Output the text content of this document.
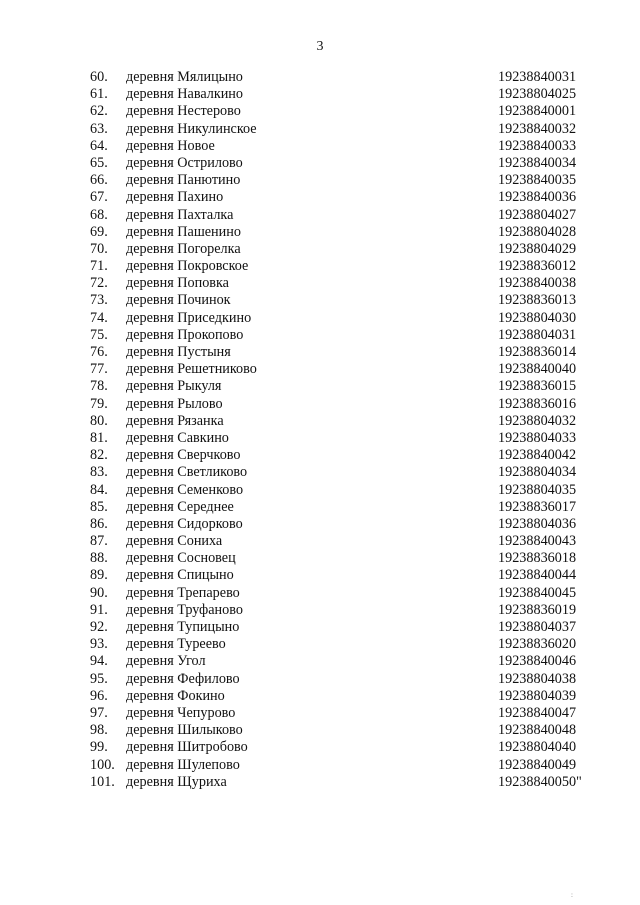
3
60. деревня Мялицыно	19238840031
61. деревня Навалкино	19238804025
62. деревня Нестерово	19238840001
63. деревня Никулинское	19238840032
64. деревня Новое	19238840033
65. деревня Острилово	19238840034
66. деревня Панютино	19238840035
67. деревня Пахино	19238840036
68. деревня Пахталка	19238804027
69. деревня Пашенино	19238804028
70. деревня Погорелка	19238804029
71. деревня Покровское	19238836012
72. деревня Поповка	19238840038
73. деревня Починок	19238836013
74. деревня Приседкино	19238804030
75. деревня Прокопово	19238804031
76. деревня Пустыня	19238836014
77. деревня Решетниково	19238840040
78. деревня Рыкуля	19238836015
79. деревня Рылово	19238836016
80. деревня Рязанка	19238804032
81. деревня Савкино	19238804033
82. деревня Сверчково	19238840042
83. деревня Светликово	19238804034
84. деревня Семенково	19238804035
85. деревня Середнее	19238836017
86. деревня Сидорково	19238804036
87. деревня Сониха	19238840043
88. деревня Сосновец	19238836018
89. деревня Спицыно	19238840044
90. деревня Трепарево	19238840045
91. деревня Труфаново	19238836019
92. деревня Тупицыно	19238804037
93. деревня Туреево	19238836020
94. деревня Угол	19238840046
95. деревня Фефилово	19238804038
96. деревня Фокино	19238804039
97. деревня Чепурово	19238840047
98. деревня Шилыково	19238840048
99. деревня Шитробово	19238804040
100. деревня Шулепово	19238840049
101. деревня Щуриха	19238840050"
:
